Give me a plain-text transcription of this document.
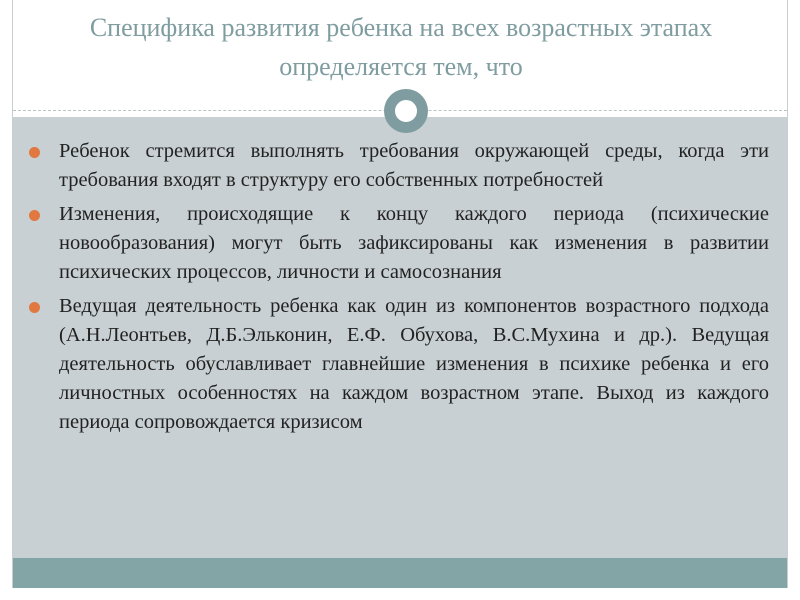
Специфика развития ребенка на всех возрастных этапах определяется тем, что
Ребенок стремится выполнять требования окружающей среды, когда эти требования входят в структуру его собственных потребностей
Изменения, происходящие к концу каждого периода (психические новообразования) могут быть зафиксированы как изменения в развитии психических процессов, личности и самосознания
Ведущая деятельность ребенка как один из компонентов возрастного подхода (А.Н.Леонтьев, Д.Б.Эльконин, Е.Ф. Обухова, В.С.Мухина и др.). Ведущая деятельность обуславливает главнейшие изменения в психике ребенка и его личностных особенностях на каждом возрастном этапе. Выход из каждого периода сопровождается кризисом
